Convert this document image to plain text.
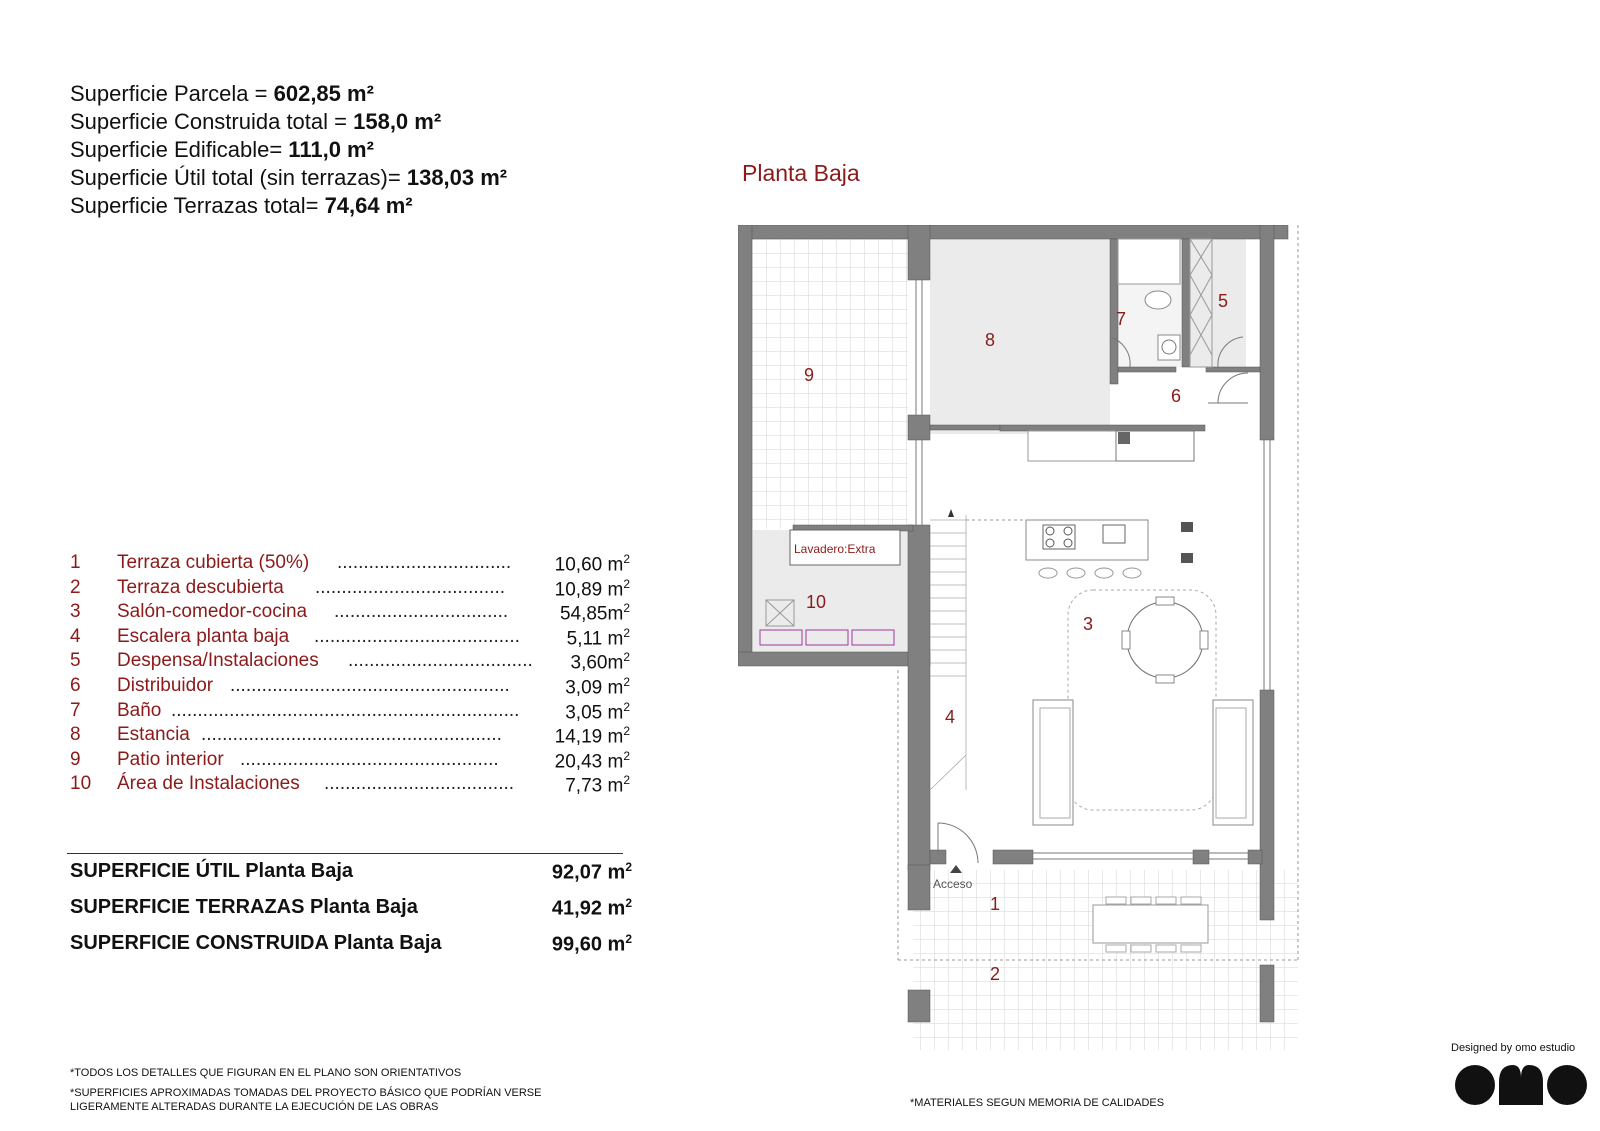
Superficie Parcela = 602,85 m²
Superficie Construida total = 158,0 m²
Superficie Edificable= 111,0 m²
Superficie Útil total (sin terrazas)= 138,03 m²
Superficie Terrazas total= 74,64 m²
Planta Baja
1 Terraza cubierta (50%) ................................. 10,60 $m^2$
2 Terraza descubierta ....................................	10,89 $m^2$
3 Salón-comedor-cocina .................................	$54,85m^2$
4 Escalera planta baja ....................................... 5,11 $m^2$
5 Despensa/Instalaciones ................................... $3,60m^2$
6 Distribuidor .....................................................	3,09 $m^2$
7 Baño .................................................................. 3,05 $m^2$
8 Estancia .........................................................	14,19 $m^2$
9 Patio interior .................................................	20,43 $m^2$
10 Área de Instalaciones ....................................	7,73 $m^2$
SUPERFICIE ÚTIL Planta Baja	92,07 $m^2$
SUPERFICIE TERRAZAS Planta Baja	41,92 $m^2$
SUPERFICIE CONSTRUIDA Planta Baja	99,60 $m^2$
*TODOS LOS DETALLES QUE FIGURAN EN EL PLANO SON ORIENTATIVOS
*SUPERFICIES APROXIMADAS TOMADAS DEL PROYECTO BÁSICO QUE PODRÍAN VERSE
LIGERAMENTE ALTERADAS DURANTE LA EJECUCIÓN DE LAS OBRAS	*MATERIALES SEGUN MEMORIA DE CALIDADES
Designed by omo estudio
1
2
3
4
5
6
7
8
9
10
Lavadero:Extra
Acceso
